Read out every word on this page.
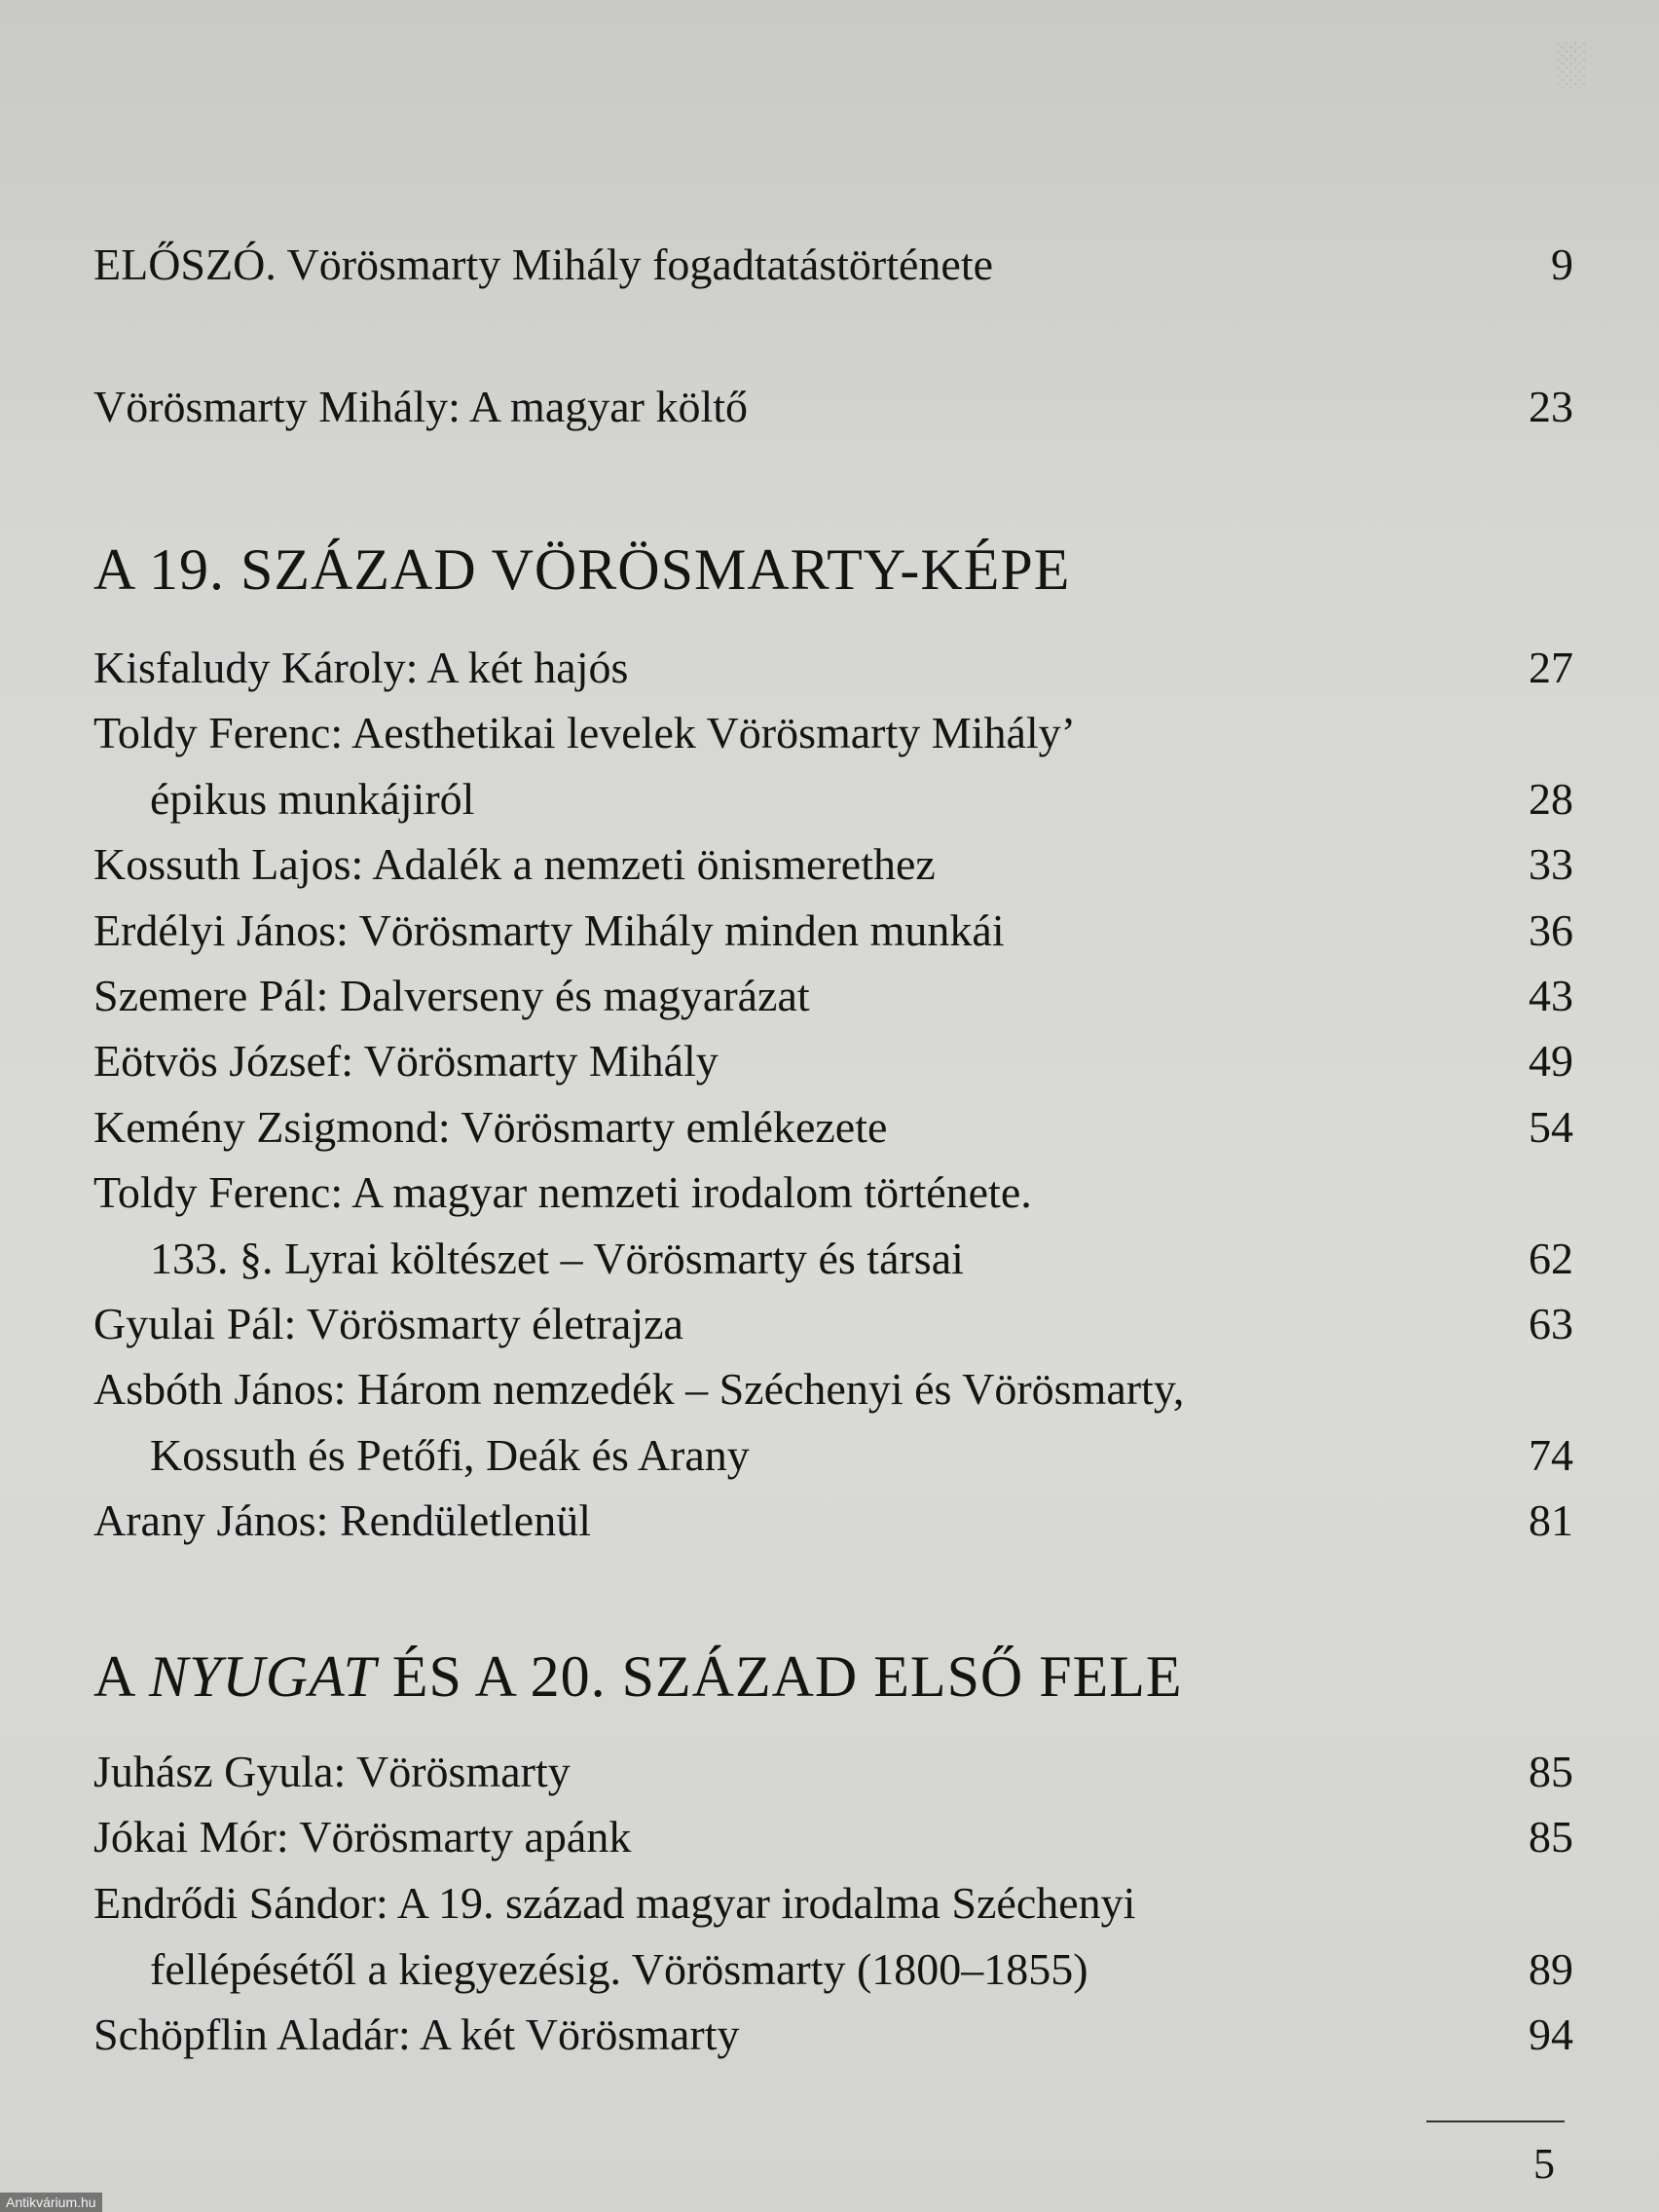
░
ELŐSZÓ. Vörösmarty Mihály fogadtatástörténete	9
Vörösmarty Mihály: A magyar költő	23
A 19. SZÁZAD VÖRÖSMARTY-KÉPE
Kisfaludy Károly: A két hajós	27
Toldy Ferenc: Aesthetikai levelek Vörösmarty Mihály’
épikus munkájiról	28
Kossuth Lajos: Adalék a nemzeti önismerethez	33
Erdélyi János: Vörösmarty Mihály minden munkái	36
Szemere Pál: Dalverseny és magyarázat	43
Eötvös József: Vörösmarty Mihály	49
Kemény Zsigmond: Vörösmarty emlékezete	54
Toldy Ferenc: A magyar nemzeti irodalom története.
133. §. Lyrai költészet – Vörösmarty és társai	62
Gyulai Pál: Vörösmarty életrajza	63
Asbóth János: Három nemzedék – Széchenyi és Vörösmarty,
Kossuth és Petőfi, Deák és Arany	74
Arany János: Rendületlenül	81
A NYUGAT ÉS A 20. SZÁZAD ELSŐ FELE
Juhász Gyula: Vörösmarty	85
Jókai Mór: Vörösmarty apánk	85
Endrődi Sándor: A 19. század magyar irodalma Széchenyi
fellépésétől a kiegyezésig. Vörösmarty (1800–1855)	89
Schöpflin Aladár: A két Vörösmarty	94
5
Antikvárium.hu
